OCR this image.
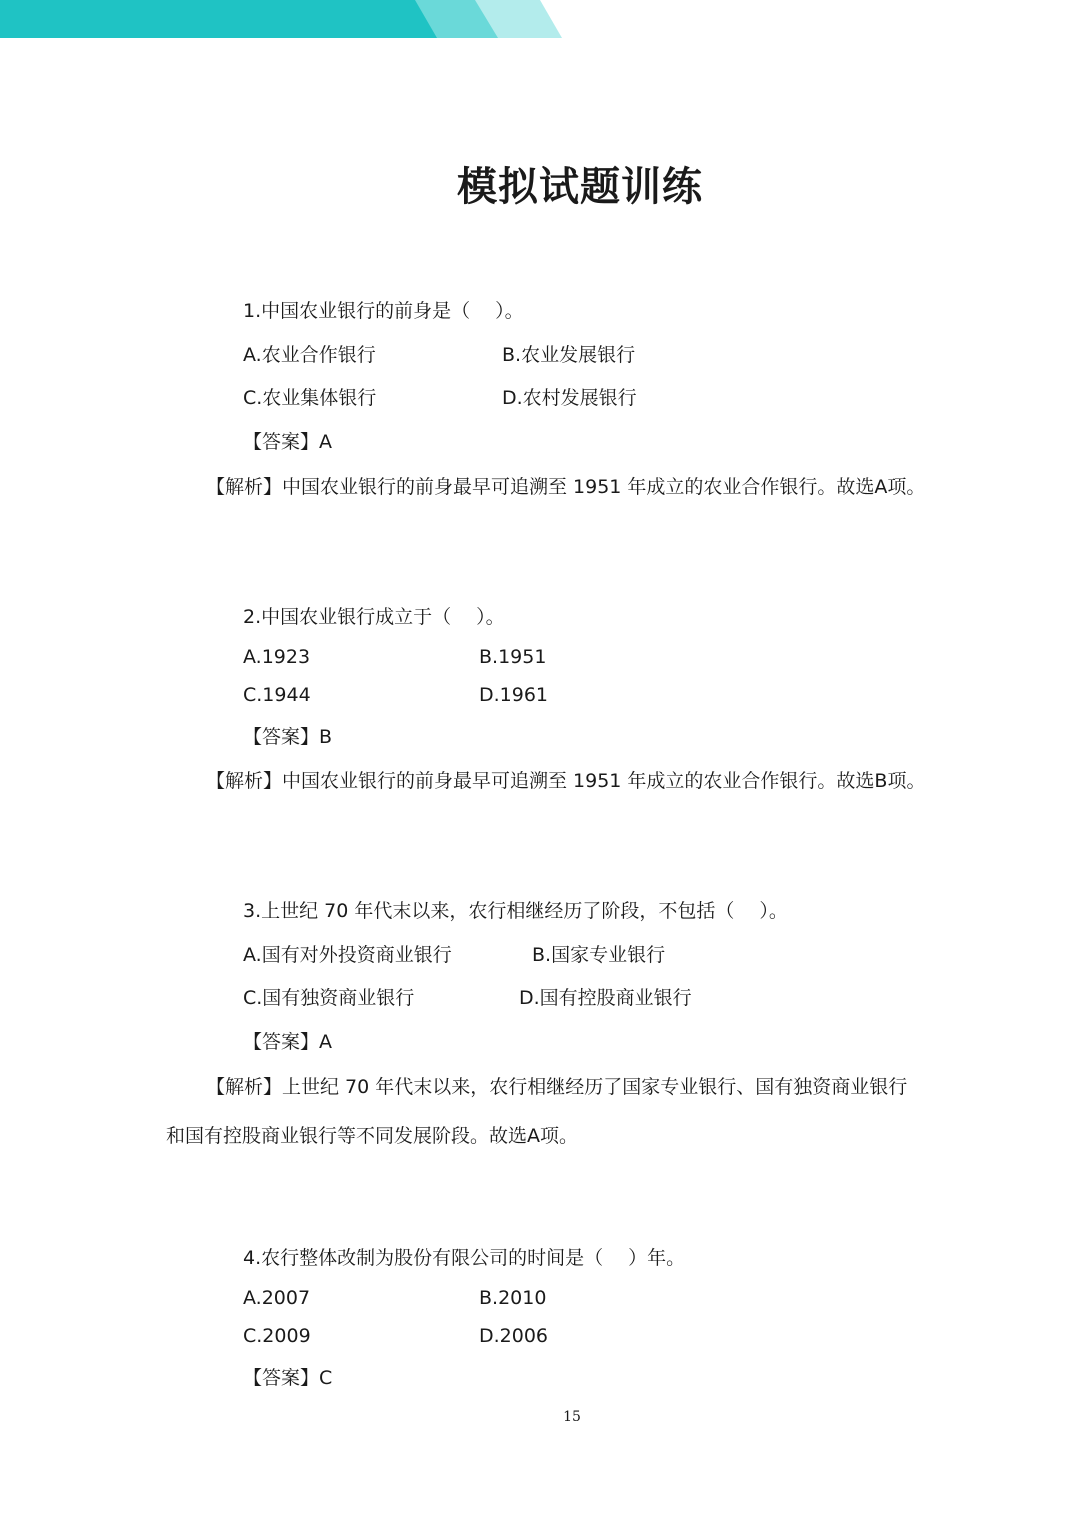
模拟试题训练
1.中国农业银行的前身是（　 ）。
A.农业合作银行	B.农业发展银行
C.农业集体银行	D.农村发展银行
【答案】A
【解析】中国农业银行的前身最早可追溯至 1951 年成立的农业合作银行。故选A项。
2.中国农业银行成立于（　 ）。
A.1923	B.1951
C.1944	D.1961
【答案】B
【解析】中国农业银行的前身最早可追溯至 1951 年成立的农业合作银行。故选B项。
3.上世纪 70 年代末以来，农行相继经历了阶段，不包括（　 ）。
A.国有对外投资商业银行	B.国家专业银行
C.国有独资商业银行	D.国有控股商业银行
【答案】A
【解析】上世纪 70 年代末以来，农行相继经历了国家专业银行、国有独资商业银行
和国有控股商业银行等不同发展阶段。故选A项。
4.农行整体改制为股份有限公司的时间是（　 ）年。
A.2007	B.2010
C.2009	D.2006
【答案】C
15
